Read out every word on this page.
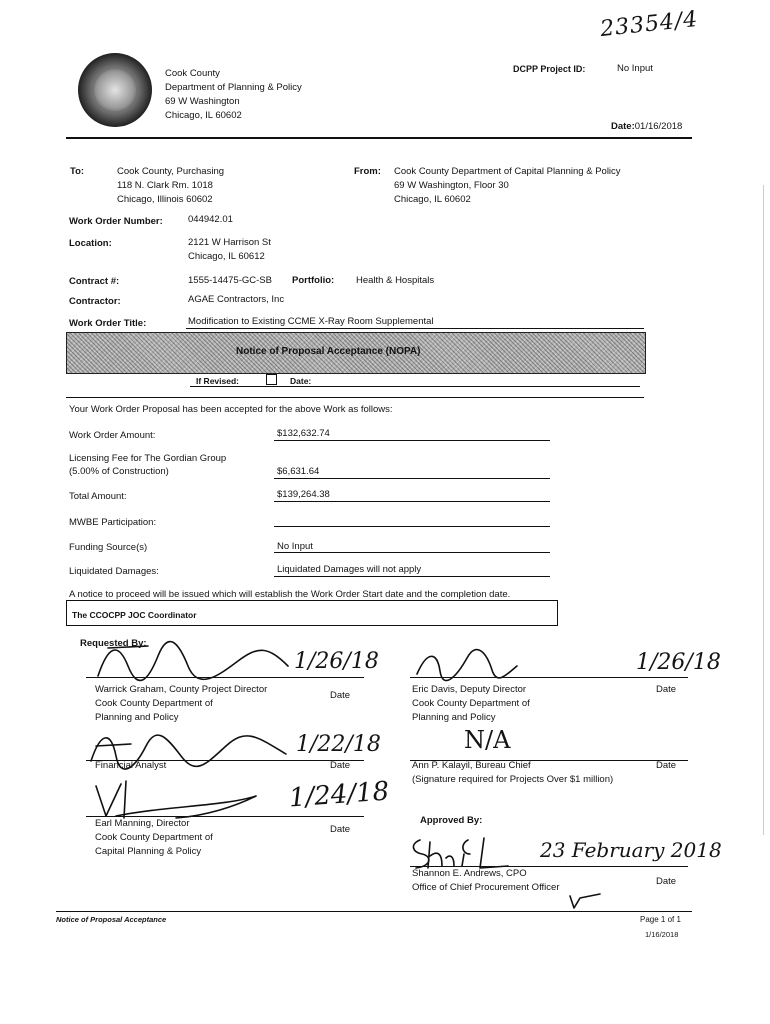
23354/4
Cook County
Department of Planning & Policy
69 W Washington
Chicago, IL 60602
DCPP Project ID:	No Input
Date:01/16/2018
To:	Cook County, Purchasing
118 N. Clark Rm. 1018
Chicago, Illinois 60602
From: Cook County Department of Capital Planning & Policy
69 W Washington, Floor 30
Chicago, IL 60602
Work Order Number:	044942.01
Location:	2121 W Harrison St
Chicago, IL 60612
Contract #:	1555-14475-GC-SB Portfolio: Health & Hospitals
Contractor:	AGAE Contractors, Inc
Work Order Title:	Modification to Existing CCME X-Ray Room Supplemental
Notice of Proposal Acceptance (NOPA)
If Revised:	Date:
Your Work Order Proposal has been accepted for the above Work as follows:
Work Order Amount:	$132,632.74
Licensing Fee for The Gordian Group
(5.00% of Construction)	$6,631.64
Total Amount:	$139,264.38
MWBE Participation:
Funding Source(s)	No Input
Liquidated Damages:	Liquidated Damages will not apply
A notice to proceed will be issued which will establish the Work Order Start date and the completion date.
The CCOCPP JOC Coordinator
Requested By:
1/26/18
Warrick Graham, County Project Director
Cook County Department of
Planning and Policy
Date
1/22/18
Financial Analyst	Date
1/24/18
Earl Manning, Director
Cook County Department of
Capital Planning & Policy
Date
1/26/18
Eric Davis, Deputy Director
Cook County Department of
Planning and Policy
Date
N/A
Ann P. Kalayil, Bureau Chief
(Signature required for Projects Over $1 million)
Date
Approved By:
23 February 2018
Shannon E. Andrews, CPO
Office of Chief Procurement Officer
Date
Notice of Proposal Acceptance	Page 1 of 1
1/16/2018
